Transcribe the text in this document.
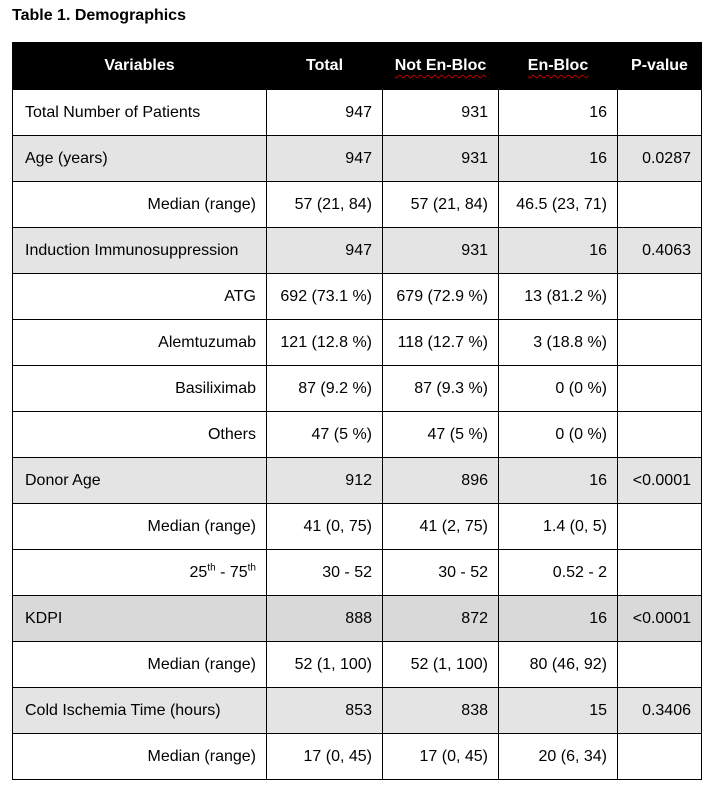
Table 1. Demographics
Variables	Total	Not En-Bloc	En-Bloc	P-value
Total Number of Patients	947	931	16	
Age (years)	947	931	16	0.0287
Median (range)	57 (21, 84)	57 (21, 84)	46.5 (23, 71)	
Induction Immunosuppression	947	931	16	0.4063
ATG	692 (73.1 %)	679 (72.9 %)	13 (81.2 %)	
Alemtuzumab	121 (12.8 %)	118 (12.7 %)	3 (18.8 %)	
Basiliximab	87 (9.2 %)	87 (9.3 %)	0 (0 %)	
Others	47 (5 %)	47 (5 %)	0 (0 %)	
Donor Age	912	896	16	<0.0001
Median (range)	41 (0, 75)	41 (2, 75)	1.4 (0, 5)	
25th - 75th	30 - 52	30 - 52	0.52 - 2	
KDPI	888	872	16	<0.0001
Median (range)	52 (1, 100)	52 (1, 100)	80 (46, 92)	
Cold Ischemia Time (hours)	853	838	15	0.3406
Median (range)	17 (0, 45)	17 (0, 45)	20 (6, 34)	
